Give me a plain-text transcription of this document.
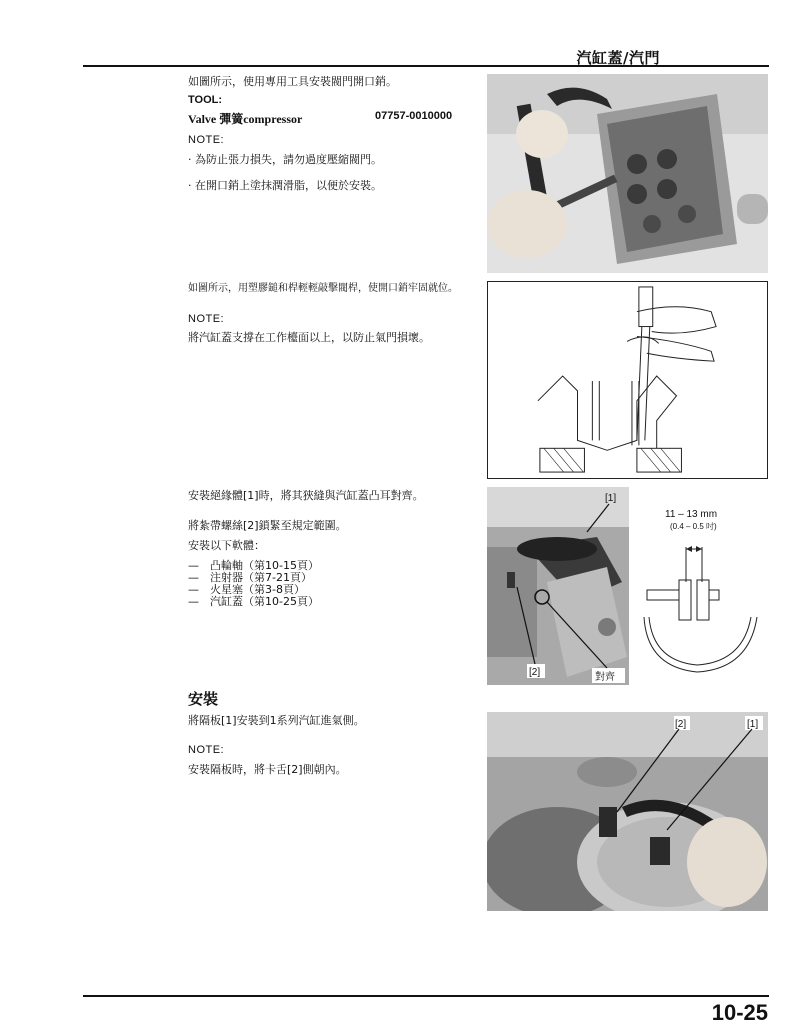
汽缸蓋/汽門
如圖所示，使用專用工具安裝閥門開口銷。
TOOL:
Valve 彈簧compressor	07757-0010000
NOTE:
· 為防止張力損失，請勿過度壓縮閥門。
· 在開口銷上塗抹潤滑脂，以便於安裝。
如圖所示，用塑膠鎚和桿輕輕敲擊閥桿，使開口銷牢固就位。
NOTE:
將汽缸蓋支撐在工作檯面以上，以防止氣門損壞。
安裝絕緣體[1]時，將其狹縫與汽缸蓋凸耳對齊。
將紮帶螺絲[2]鎖緊至規定範圍。
安裝以下軟體：
—　凸輪軸（第10-15頁）
—　注射器（第7-21頁）
—　火星塞（第3-8頁）
—　汽缸蓋（第10-25頁）
[1]
11 – 13 mm
(0.4 – 0.5 吋)
[2]	對齊
安裝
將隔板[1]安裝到1系列汽缸進氣側。
NOTE:
安裝隔板時，將卡舌[2]側朝內。
[2]	[1]
10-25
